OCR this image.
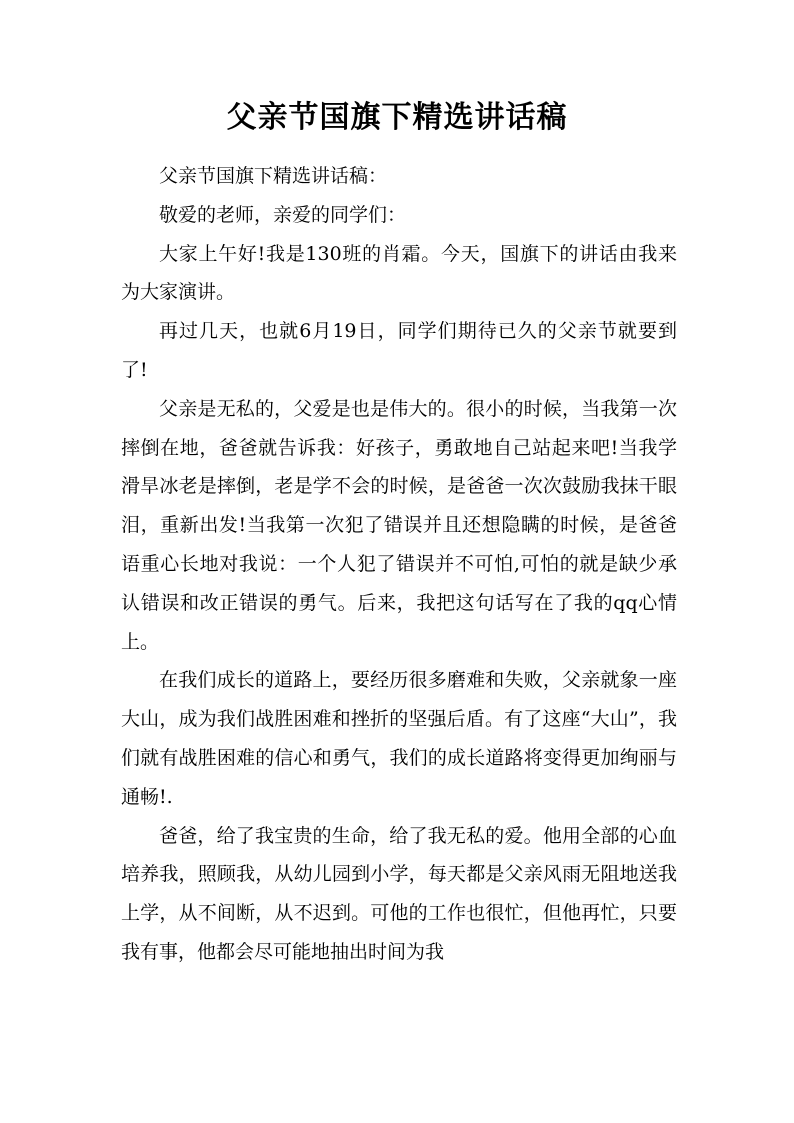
父亲节国旗下精选讲话稿

父亲节国旗下精选讲话稿：

敬爱的老师，亲爱的同学们：

大家上午好!我是130班的肖霜。今天，国旗下的讲话由我来为大家演讲。

再过几天，也就6月19日，同学们期待已久的父亲节就要到了!

父亲是无私的，父爱是也是伟大的。很小的时候，当我第一次摔倒在地，爸爸就告诉我：好孩子，勇敢地自己站起来吧!当我学滑旱冰老是摔倒，老是学不会的时候，是爸爸一次次鼓励我抹干眼泪，重新出发!当我第一次犯了错误并且还想隐瞒的时候，是爸爸语重心长地对我说：一个人犯了错误并不可怕,可怕的就是缺少承认错误和改正错误的勇气。后来，我把这句话写在了我的qq心情上。

在我们成长的道路上，要经历很多磨难和失败，父亲就象一座大山，成为我们战胜困难和挫折的坚强后盾。有了这座“大山”，我们就有战胜困难的信心和勇气，我们的成长道路将变得更加绚丽与通畅!.

爸爸，给了我宝贵的生命，给了我无私的爱。他用全部的心血培养我，照顾我，从幼儿园到小学，每天都是父亲风雨无阻地送我上学，从不间断，从不迟到。可他的工作也很忙，但他再忙，只要我有事，他都会尽可能地抽出时间为我
